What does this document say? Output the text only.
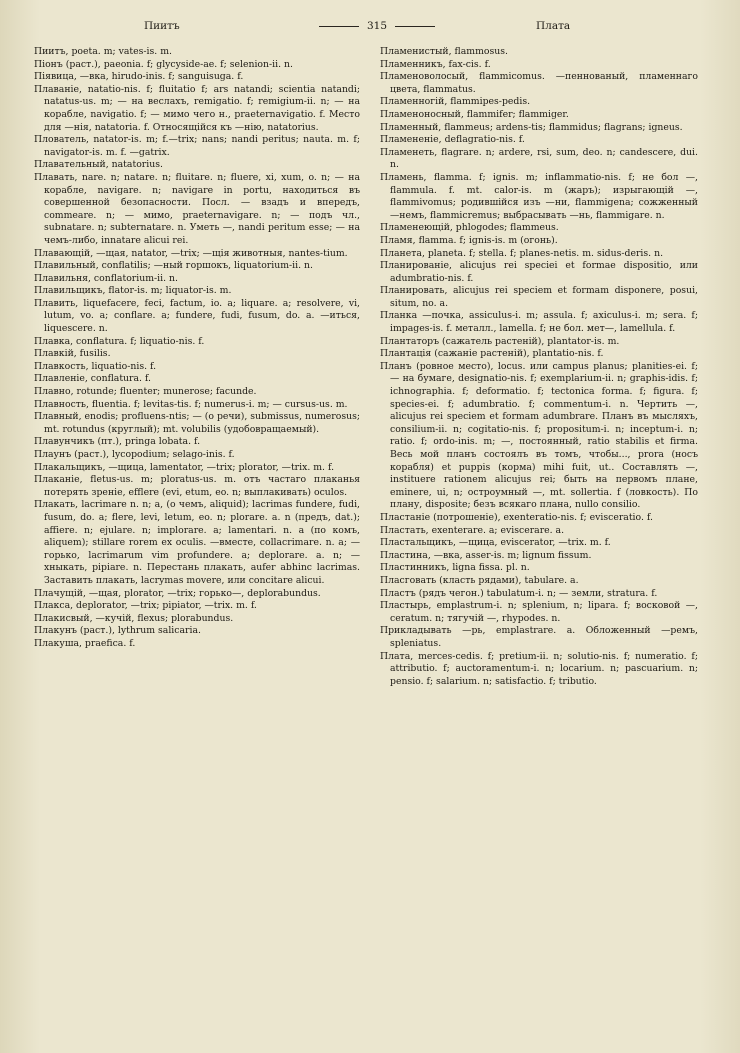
Пиитъ	315	Плата

Пиитъ, poeta. m; vates-is. m.

Пiонъ (раст.), paeonia. f; glycyside-ae. f; selenion-ii. n.

Пiявица, —вка, hirudo-inis. f; sanguisuga. f.

Плаванiе, natatio-nis. f; fluitatio f; ars natandi; scientia natandi; natatus-us. m; — на веслахъ, remigatio. f; remigium-ii. n; — на корабле, navigatio. f; — мимо чего н., praeternavigatio. f. Место для —нiя, natatoria. f. Относящiйся къ —нiю, natatorius.

Плователь, natator-is. m; f.—trix; nans; nandi peritus; nauta. m. f; navigator-is. m. f. —gatrix.

Плавательный, natatorius.

Плавать, nare. n; natare. n; fluitare. n; fluere, xi, xum, o. n; — на корабле, navigare. n; navigare in portu, находиться въ совершенной безопасности. Посл. — взадъ и впередъ, commeare. n; — мимо, praeternavigare. n; — подъ чл., subnatare. n; subternatare. n. Уметь —, nandi peritum esse; — на чемъ-либо, innatare alicui rei.

Плавающiй, —щая, natator, —trix; —щiя животныя, nantes-tium.

Плавильный, conflatilis; —ный горшокъ, liquatorium-ii. n.

Плавильня, conflatorium-ii. n.

Плавильщикъ, flator-is. m; liquator-is. m.

Плавить, liquefacere, feci, factum, io. a; liquare. a; resolvere, vi, lutum, vo. a; conflare. a; fundere, fudi, fusum, do. a. —иться, liquescere. n.

Плавка, conflatura. f; liquatio-nis. f.

Плавкiй, fusilis.

Плавкость, liquatio-nis. f.

Плавленiе, conflatura. f.

Плавно, rotunde; fluenter; munerose; facunde.

Плавность, fluentia. f; levitas-tis. f; numerus-i. m; — cursus-us. m.

Плавный, enodis; profluens-ntis; — (о речи), submissus, numerosus; mt. rotundus (круглый); mt. volubilis (удобовращаемый).

Плавунчикъ (пт.), pringa lobata. f.

Плаунъ (раст.), lycopodium; selago-inis. f.

Плакальщикъ, —щица, lamentator, —trix; plorator, —trix. m. f.

Плаканiе, fletus-us. m; ploratus-us. m. отъ частаго плаканья потерять зренiе, efflere (evi, etum, eo. n; выплакивать) oculos.

Плакать, lacrimare n. n; a, (о чемъ, aliquid); lacrimas fundere, fudi, fusum, do. a; flere, levi, letum, eo. n; plorare. a. n (предъ, dat.); affiere. n; ejulare. n; implorare. a; lamentari. n. a (по комъ, aliquem); stillare rorem ex oculis. —вместе, collacrimare. n. a; — горько, lacrimarum vim profundere. a; deplorare. a. n; — хныкать, pipiare. n. Перестань плакать, aufer abhinc lacrimas. Заставить плакать, lacrymas movere, или concitare alicui.

Плачущiй, —щая, plorator, —trix; горько—, deplorabundus.

Плакса, deplorator, —trix; pipiator, —trix. m. f.

Плакисвый, —кучiй, flexus; plorabundus.

Плакунъ (раст.), lythrum salicaria.

Плакуша, praefica. f.

Пламенистый, flammosus.

Пламенникъ, fax-cis. f.

Пламеноволосый, flammicomus. —пеннованый, пламеннаго цвета, flammatus.

Пламенногiй, flammipes-pedis.

Пламеноносный, flammifer; flammiger.

Пламенный, flammeus; ardens-tis; flammidus; flagrans; igneus.

Пламененiе, deflagratio-nis. f.

Пламенеть, flagrare. n; ardere, rsi, sum, deo. n; candescere, dui. n.

Пламень, flamma. f; ignis. m; inflammatio-nis. f; не бол —, flammula. f. mt. calor-is. m (жаръ); изрыгающiй —, flammivomus; родившiйся изъ —ни, flammigena; сожженный —немъ, flammicremus; выбрасывать —нь, flammigare. n.

Пламенеющiй, phlogodes; flammeus.

Пламя, flamma. f; ignis-is. m (огонь).

Планета, planeta. f; stella. f; planes-netis. m. sidus-deris. n.

Планированiе, alicujus rei speciei et formae dispositio, или adumbratio-nis. f.

Планировать, alicujus rei speciem et formam disponere, posui, situm, no. a.

Планка —почка, assiculus-i. m; assula. f; axiculus-i. m; sera. f; impages-is. f. металл., lamella. f; не бол. мет—, lamellula. f.

Плантаторъ (сажатель растенiй), plantator-is. m.

Плантацiя (сажанiе растенiй), plantatio-nis. f.

Планъ (ровное место), locus. или campus planus; planities-ei. f; — на бумаге, designatio-nis. f; exemplarium-ii. n; graphis-idis. f; ichnographia. f; deformatio. f; tectonica forma. f; figura. f; species-ei. f; adumbratio. f; commentum-i. n. Чертить —, alicujus rei speciem et formam adumbrare. Планъ въ мысляхъ, consilium-ii. n; cogitatio-nis. f; propositum-i. n; inceptum-i. n; ratio. f; ordo-inis. m; —, постоянный, ratio stabilis et firma. Весь мой планъ состоялъ въ томъ, чтобы..., prora (носъ корабля) et puppis (корма) mihi fuit, ut.. Составлять —, instituere rationem alicujus rei; быть на первомъ плане, eminere, ui, n; остроумный —, mt. sollertia. f (ловкость). По плану, disposite; безъ всякаго плана, nullo consilio.

Пластанiе (потрошенiе), exenteratio-nis. f; evisceratio. f.

Пластать, exenterare. a; eviscerare. a.

Пластальщикъ, —щица, eviscerator, —trix. m. f.

Пластина, —вка, asser-is. m; lignum fissum.

Пластинникъ, ligna fissa. pl. n.

Пласговать (класть рядами), tabulare. a.

Пластъ (рядъ чегон.) tabulatum-i. n; — земли, stratura. f.

Пластырь, emplastrum-i. n; splenium, n; lipara. f; восковой —, ceratum. n; тягучiй —, rhypodes. n.

Прикладывать —рь, emplastrare. a. Обложенный —ремъ, spleniatus.

Плата, merces-cedis. f; pretium-ii. n; solutio-nis. f; numeratio. f; attributio. f; auctoramentum-i. n; locarium. n; pascuarium. n; pensio. f; salarium. n; satisfactio. f; tributio.
